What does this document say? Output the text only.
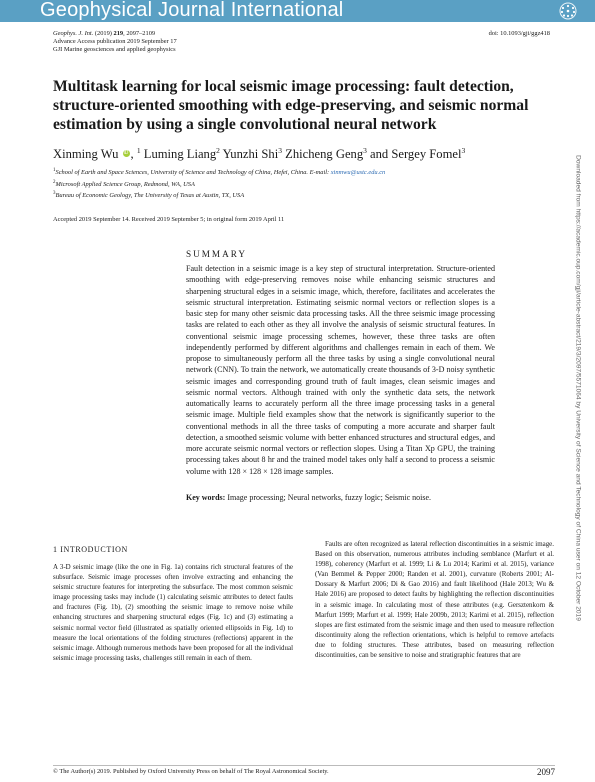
Geophysical Journal International
Geophys. J. Int. (2019) 219, 2097–2109
Advance Access publication 2019 September 17
GJI Marine geosciences and applied geophysics
doi: 10.1093/gji/ggz418
Multitask learning for local seismic image processing: fault detection, structure-oriented smoothing with edge-preserving, and seismic normal estimation by using a single convolutional neural network
Xinming Wu iD , $^1$ Luming Liang$^2$ Yunzhi Shi$^3$ Zhicheng Geng$^3$ and Sergey Fomel$^3$
$^1$School of Earth and Space Sciences, University of Science and Technology of China, Hefei, China. E-mail: xinmwu@ustc.edu.cn
$^2$Microsoft Applied Science Group, Redmond, WA, USA
$^3$Bureau of Economic Geology, The University of Texas at Austin, TX, USA
Accepted 2019 September 14. Received 2019 September 5; in original form 2019 April 11
SUMMARY
Fault detection in a seismic image is a key step of structural interpretation. Structure-oriented smoothing with edge-preserving removes noise while enhancing seismic structures and sharpening structural edges in a seismic image, which, therefore, facilitates and accelerates the seismic structural interpretation. Estimating seismic normal vectors or reflection slopes is a basic step for many other seismic data processing tasks. All the three seismic image processing tasks are related to each other as they all involve the analysis of seismic structural features. In conventional seismic image processing schemes, however, these three tasks are often independently performed by different algorithms and challenges remain in each of them. We propose to simultaneously perform all the three tasks by using a single convolutional neural network (CNN). To train the network, we automatically create thousands of 3-D noisy synthetic seismic images and corresponding ground truth of fault images, clean seismic images and seismic normal vectors. Although trained with only the synthetic data sets, the network automatically learns to accurately perform all the three image processing tasks in a general seismic image. Multiple field examples show that the network is significantly superior to the conventional methods in all the three tasks of computing a more accurate and sharper fault detection, a smoothed seismic volume with better enhanced structures and structural edges, and more accurate seismic normal vectors or reflection slopes. Using a Titan Xp GPU, the training processing takes about 8 hr and the trained model takes only half a second to process a seismic volume with 128 × 128 × 128 image samples.
Key words: Image processing; Neural networks, fuzzy logic; Seismic noise.
1 INTRODUCTION

A 3-D seismic image (like the one in Fig. 1a) contains rich structural features of the subsurface. Seismic image processes often involve extracting and enhancing the seismic structure features for interpreting the subsurface. The most common seismic image processing tasks may include (1) calculating seismic attributes to detect faults and fractures (Fig. 1b), (2) smoothing the seismic image to remove noise while enhancing structures and sharpening structural edges (Fig. 1c) and (3) estimating a seismic normal vector field (illustrated as spatially oriented ellipsoids in Fig. 1d) to measure the local orientations of the folding structures (reflections) apparent in the seismic image. Although numerous methods have been proposed for all the individual seismic image processing tasks, challenges still remain in each of them.

Faults are often recognized as lateral reflection discontinuities in a seismic image. Based on this observation, numerous attributes including semblance (Marfurt et al. 1998), coherency (Marfurt et al. 1999; Li & Lu 2014; Karimi et al. 2015), variance (Van Bemmel & Pepper 2000; Randen et al. 2001), curvature (Roberts 2001; Al-Dossary & Marfurt 2006; Di & Gao 2016) and fault likelihood (Hale 2013; Wu & Hale 2016) are proposed to detect faults by highlighting the reflection discontinuities in a seismic image. In calculating most of these attributes (e.g. Gersztenkorn & Marfurt 1999; Marfurt et al. 1999; Hale 2009b, 2013; Karimi et al. 2015), reflection slopes are first estimated from the seismic image and then used to measure reflection discontinuity along the reflection orientations, which is helpful to remove artefacts due to folding structures. These attributes, based on measuring reflection discontinuities, can be sensitive to noise and stratigraphic features that are

Downloaded from https://academic.oup.com/gji/article-abstract/219/3/2097/5571064 by University of Science and Technology of China user on 12 October 2019
© The Author(s) 2019. Published by Oxford University Press on behalf of The Royal Astronomical Society.	2097
